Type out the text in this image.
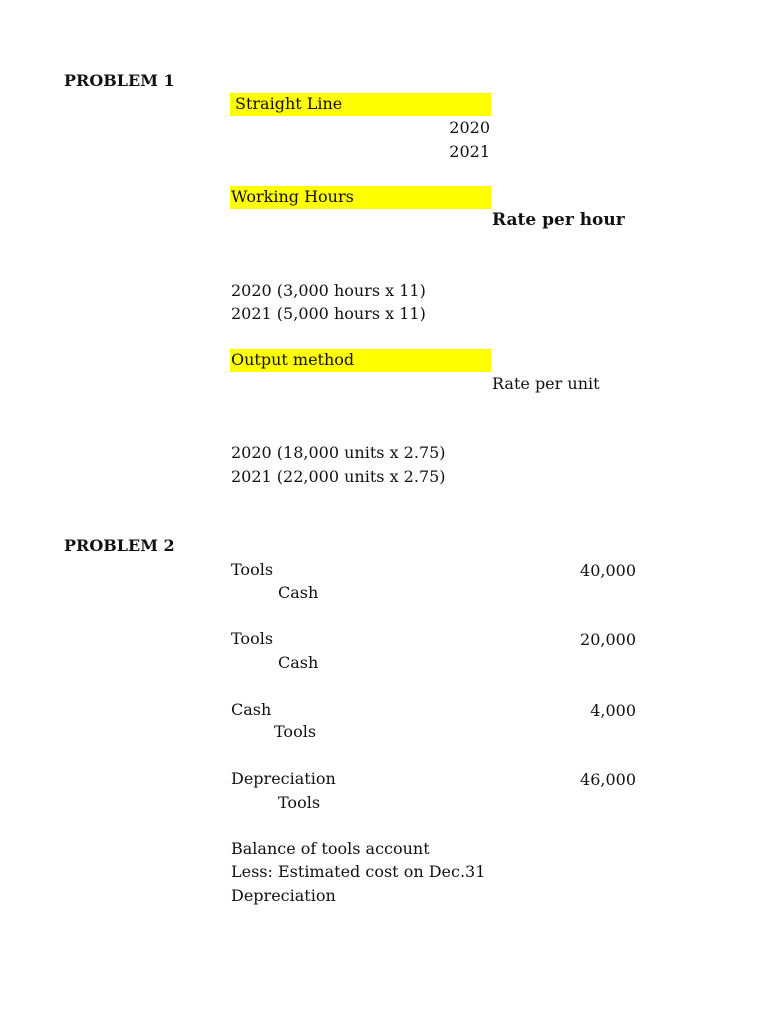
PROBLEM 1
Straight Line
2020
2021
Working Hours
Rate per hour
2020 (3,000 hours x 11)
2021 (5,000 hours x 11)
Output method
Rate per unit
2020 (18,000 units x 2.75)
2021 (22,000 units x 2.75)
PROBLEM 2
Tools
Cash
40,000
Tools
Cash
20,000
Cash
Tools
4,000
Depreciation
Tools
46,000
Balance of tools account
Less: Estimated cost on Dec.31
Depreciation
